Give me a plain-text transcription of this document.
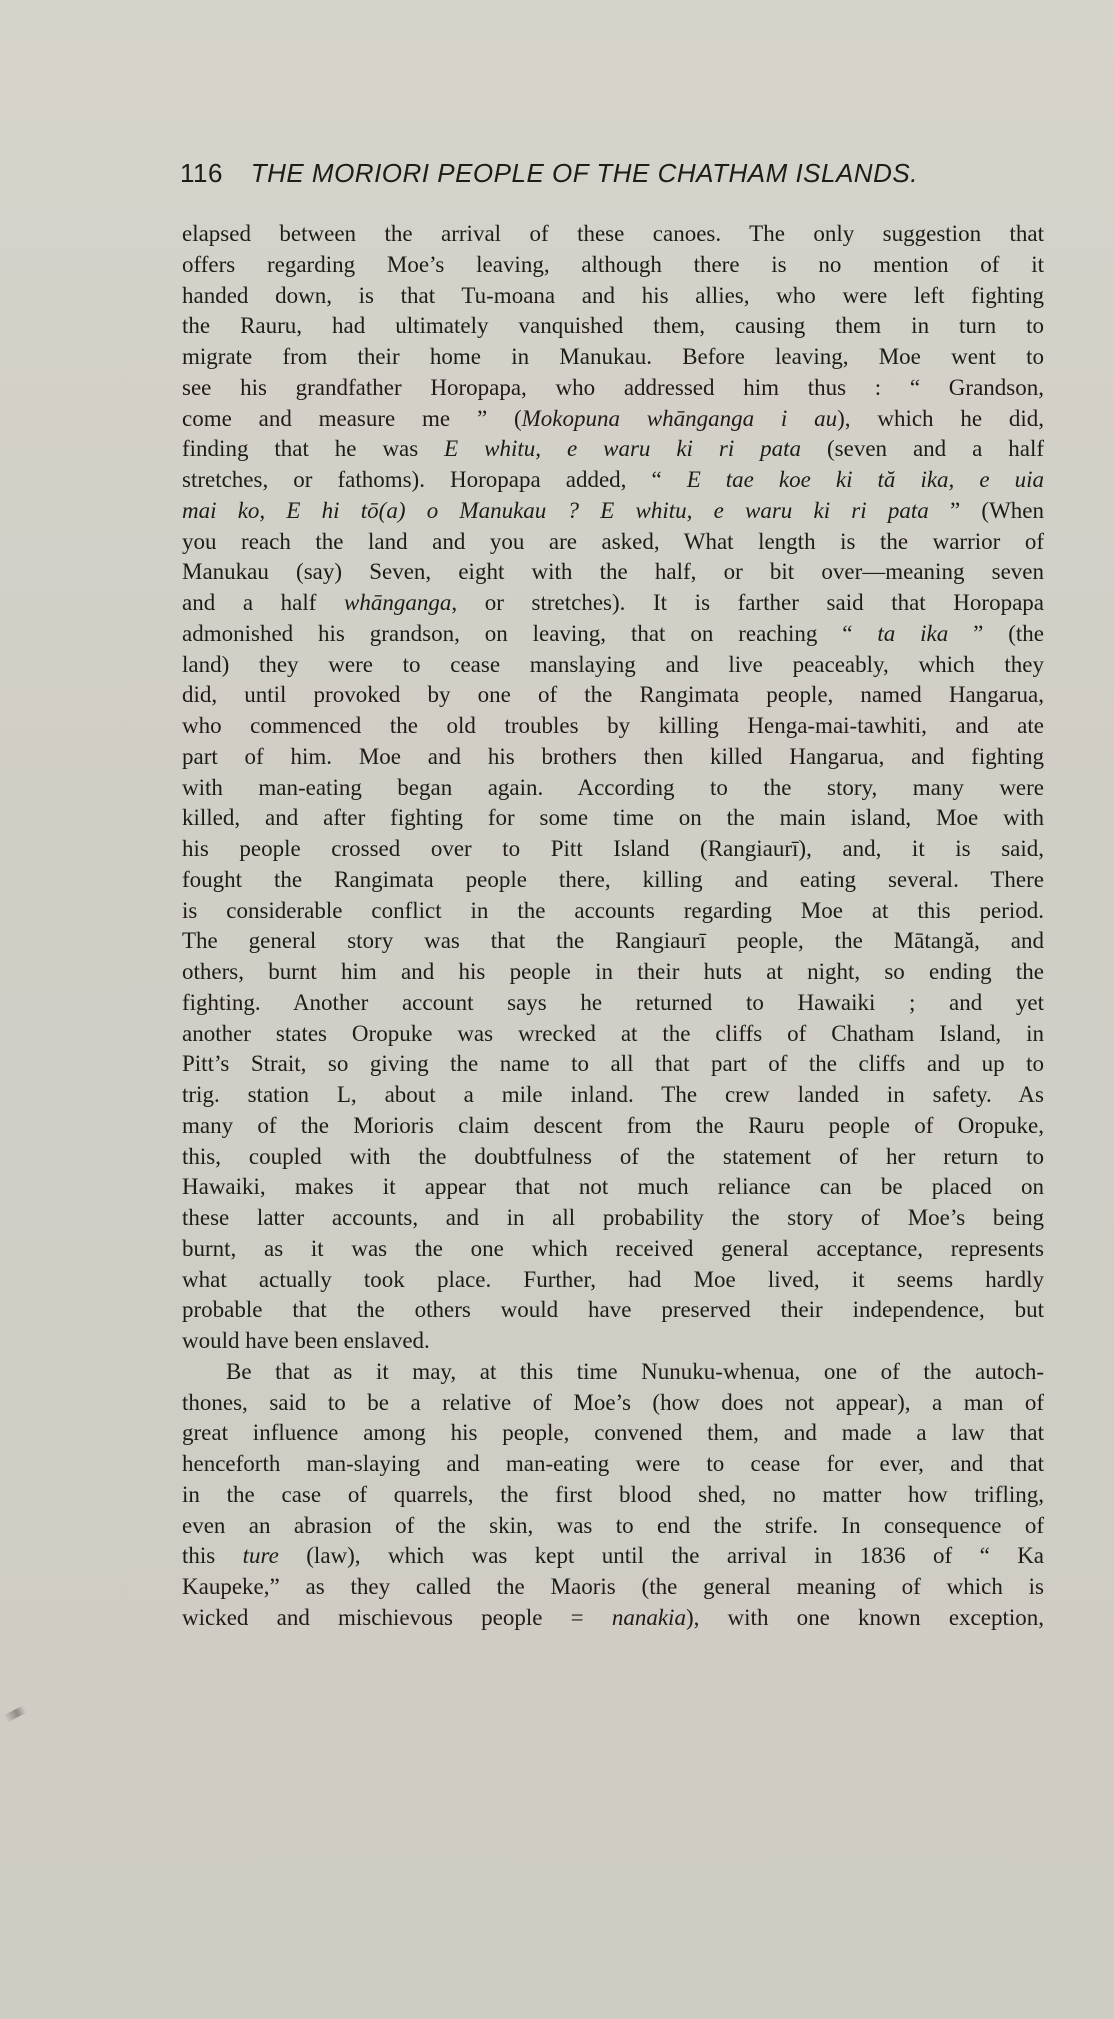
116 THE MORIORI PEOPLE OF THE CHATHAM ISLANDS.
elapsed between the arrival of these canoes. The only suggestion that
offers regarding Moe’s leaving, although there is no mention of it
handed down, is that Tu-moana and his allies, who were left fighting
the Rauru, had ultimately vanquished them, causing them in turn to
migrate from their home in Manukau. Before leaving, Moe went to
see his grandfather Horopapa, who addressed him thus : “ Grandson,
come and measure me ” (Mokopuna whānganga i au), which he did,
finding that he was E whitu, e waru ki ri pata (seven and a half
stretches, or fathoms). Horopapa added, “ E tae koe ki tă ika, e uia
mai ko, E hi tō(a) o Manukau ? E whitu, e waru ki ri pata ” (When
you reach the land and you are asked, What length is the warrior of
Manukau (say) Seven, eight with the half, or bit over—meaning seven
and a half whānganga, or stretches). It is farther said that Horopapa
admonished his grandson, on leaving, that on reaching “ ta ika ” (the
land) they were to cease manslaying and live peaceably, which they
did, until provoked by one of the Rangimata people, named Hangarua,
who commenced the old troubles by killing Henga-mai-tawhiti, and ate
part of him. Moe and his brothers then killed Hangarua, and fighting
with man-eating began again. According to the story, many were
killed, and after fighting for some time on the main island, Moe with
his people crossed over to Pitt Island (Rangiaurī), and, it is said,
fought the Rangimata people there, killing and eating several. There
is considerable conflict in the accounts regarding Moe at this period.
The general story was that the Rangiaurī people, the Mātangă, and
others, burnt him and his people in their huts at night, so ending the
fighting. Another account says he returned to Hawaiki ; and yet
another states Oropuke was wrecked at the cliffs of Chatham Island, in
Pitt’s Strait, so giving the name to all that part of the cliffs and up to
trig. station L, about a mile inland. The crew landed in safety. As
many of the Morioris claim descent from the Rauru people of Oropuke,
this, coupled with the doubtfulness of the statement of her return to
Hawaiki, makes it appear that not much reliance can be placed on
these latter accounts, and in all probability the story of Moe’s being
burnt, as it was the one which received general acceptance, represents
what actually took place. Further, had Moe lived, it seems hardly
probable that the others would have preserved their independence, but
would have been enslaved.
Be that as it may, at this time Nunuku-whenua, one of the autoch-
thones, said to be a relative of Moe’s (how does not appear), a man of
great influence among his people, convened them, and made a law that
henceforth man-slaying and man-eating were to cease for ever, and that
in the case of quarrels, the first blood shed, no matter how trifling,
even an abrasion of the skin, was to end the strife. In consequence of
this ture (law), which was kept until the arrival in 1836 of “ Ka
Kaupeke,” as they called the Maoris (the general meaning of which is
wicked and mischievous people = nanakia), with one known exception,
